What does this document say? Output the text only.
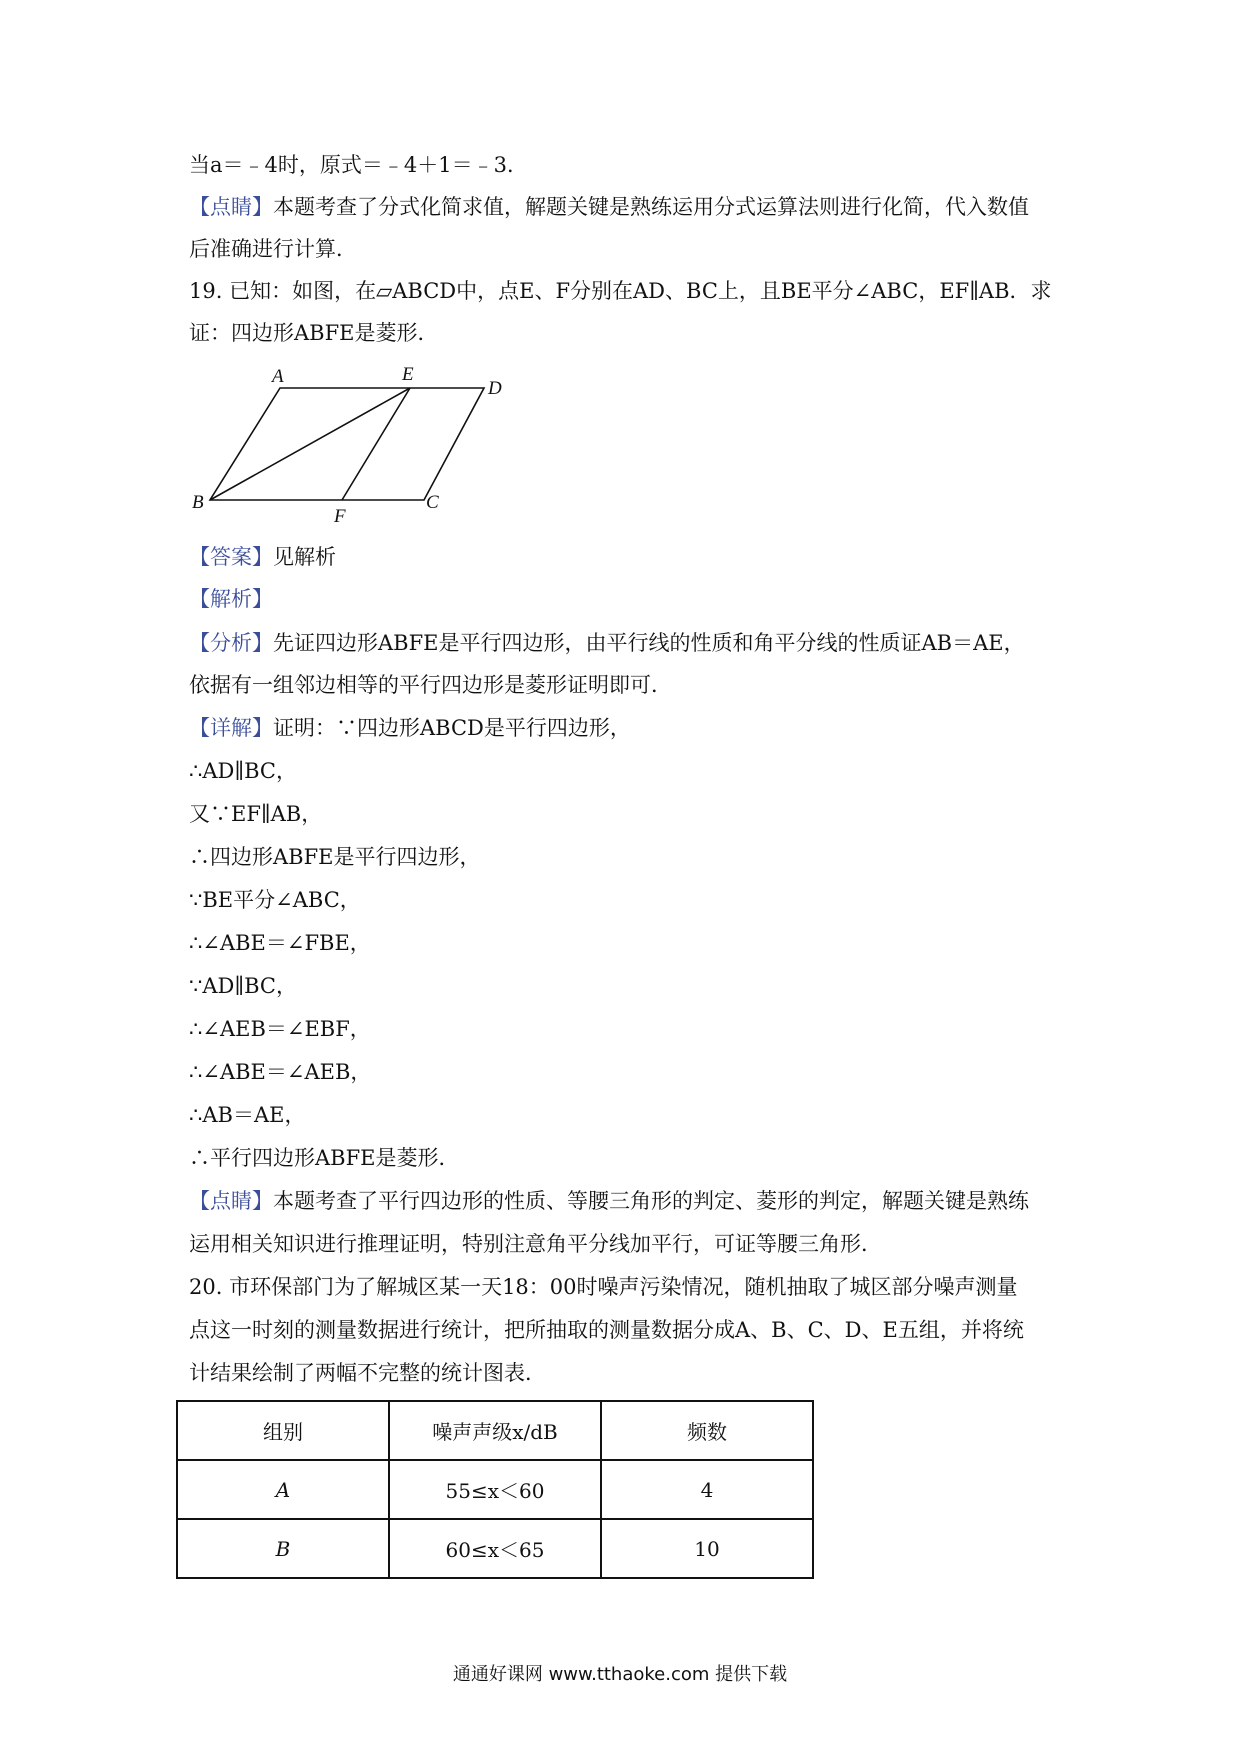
当a＝﹣4时，原式＝﹣4＋1＝﹣3．
【点睛】本题考查了分式化简求值，解题关键是熟练运用分式运算法则进行化简，代入数值
后准确进行计算．
19. 已知：如图，在▱ABCD中，点E、F分别在AD、BC上，且BE平分∠ABC，EF∥AB．求
证：四边形ABFE是菱形．
A	E
D
B
F
C
【答案】见解析
【解析】
【分析】先证四边形ABFE是平行四边形，由平行线的性质和角平分线的性质证AB＝AE，
依据有一组邻边相等的平行四边形是菱形证明即可．
【详解】证明：∵四边形ABCD是平行四边形，
∴AD∥BC，
又∵EF∥AB，
∴四边形ABFE是平行四边形，
∵BE平分∠ABC，
∴∠ABE＝∠FBE，
∵AD∥BC，
∴∠AEB＝∠EBF，
∴∠ABE＝∠AEB，
∴AB＝AE，
∴平行四边形ABFE是菱形．
【点睛】本题考查了平行四边形的性质、等腰三角形的判定、菱形的判定，解题关键是熟练
运用相关知识进行推理证明，特别注意角平分线加平行，可证等腰三角形．
20. 市环保部门为了解城区某一天18：00时噪声污染情况，随机抽取了城区部分噪声测量
点这一时刻的测量数据进行统计，把所抽取的测量数据分成A、B、C、D、E五组，并将统
计结果绘制了两幅不完整的统计图表．
组别	噪声声级x/dB	频数
A	55≤x＜60	4
B	60≤x＜65	10
通通好课网 www.tthaoke.com 提供下载
